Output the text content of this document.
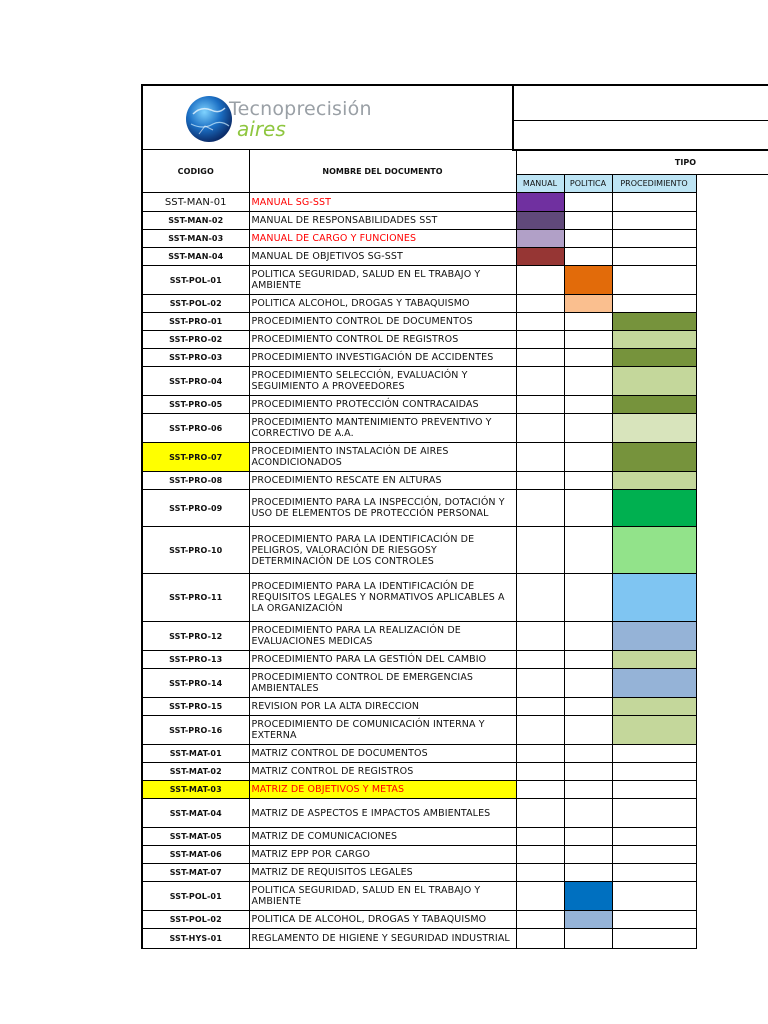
Tecnoprecisión
aires
CODIGO	NOMBRE DEL DOCUMENTO	TIPO			
		MANUAL	POLITICA	PROCEDIMIENTO	
SST-MAN-01	MANUAL SG-SST				
SST-MAN-02	MANUAL DE RESPONSABILIDADES SST				
SST-MAN-03	MANUAL DE CARGO Y FUNCIONES				
SST-MAN-04	MANUAL DE OBJETIVOS SG-SST				
SST-POL-01	POLITICA SEGURIDAD, SALUD EN EL TRABAJO Y AMBIENTE				
SST-POL-02	POLITICA ALCOHOL, DROGAS Y TABAQUISMO				
SST-PRO-01	PROCEDIMIENTO CONTROL DE DOCUMENTOS				
SST-PRO-02	PROCEDIMIENTO CONTROL DE REGISTROS				
SST-PRO-03	PROCEDIMIENTO INVESTIGACIÓN DE ACCIDENTES				
SST-PRO-04	PROCEDIMIENTO SELECCIÓN, EVALUACIÓN Y SEGUIMIENTO A PROVEEDORES				
SST-PRO-05	PROCEDIMIENTO PROTECCIÓN CONTRACAIDAS				
SST-PRO-06	PROCEDIMIENTO MANTENIMIENTO PREVENTIVO Y CORRECTIVO DE A.A.				
SST-PRO-07	PROCEDIMIENTO INSTALACIÓN DE AIRES ACONDICIONADOS				
SST-PRO-08	PROCEDIMIENTO RESCATE EN ALTURAS				
SST-PRO-09	PROCEDIMIENTO PARA LA INSPECCIÓN, DOTACIÓN Y USO DE ELEMENTOS DE PROTECCIÓN PERSONAL				
SST-PRO-10	PROCEDIMIENTO PARA LA IDENTIFICACIÓN DE PELIGROS, VALORACIÓN DE RIESGOSY DETERMINACIÓN DE LOS CONTROLES				
SST-PRO-11	PROCEDIMIENTO PARA LA IDENTIFICACIÓN DE REQUISITOS LEGALES Y NORMATIVOS APLICABLES A LA ORGANIZACIÓN				
SST-PRO-12	PROCEDIMIENTO PARA LA REALIZACIÓN DE EVALUACIONES MEDICAS				
SST-PRO-13	PROCEDIMIENTO PARA LA GESTIÓN DEL CAMBIO				
SST-PRO-14	PROCEDIMIENTO CONTROL DE EMERGENCIAS AMBIENTALES				
SST-PRO-15	REVISION POR LA ALTA DIRECCION				
SST-PRO-16	PROCEDIMIENTO DE COMUNICACIÓN INTERNA Y EXTERNA				
SST-MAT-01	MATRIZ CONTROL DE DOCUMENTOS				
SST-MAT-02	MATRIZ CONTROL DE REGISTROS				
SST-MAT-03	MATRIZ DE OBJETIVOS Y METAS				
SST-MAT-04	MATRIZ DE ASPECTOS E IMPACTOS AMBIENTALES				
SST-MAT-05	MATRIZ DE COMUNICACIONES				
SST-MAT-06	MATRIZ EPP POR CARGO				
SST-MAT-07	MATRIZ DE REQUISITOS LEGALES				
SST-POL-01	POLITICA SEGURIDAD, SALUD EN EL TRABAJO Y AMBIENTE				
SST-POL-02	POLITICA DE ALCOHOL, DROGAS Y TABAQUISMO				
SST-HYS-01	REGLAMENTO DE HIGIENE Y SEGURIDAD INDUSTRIAL				
